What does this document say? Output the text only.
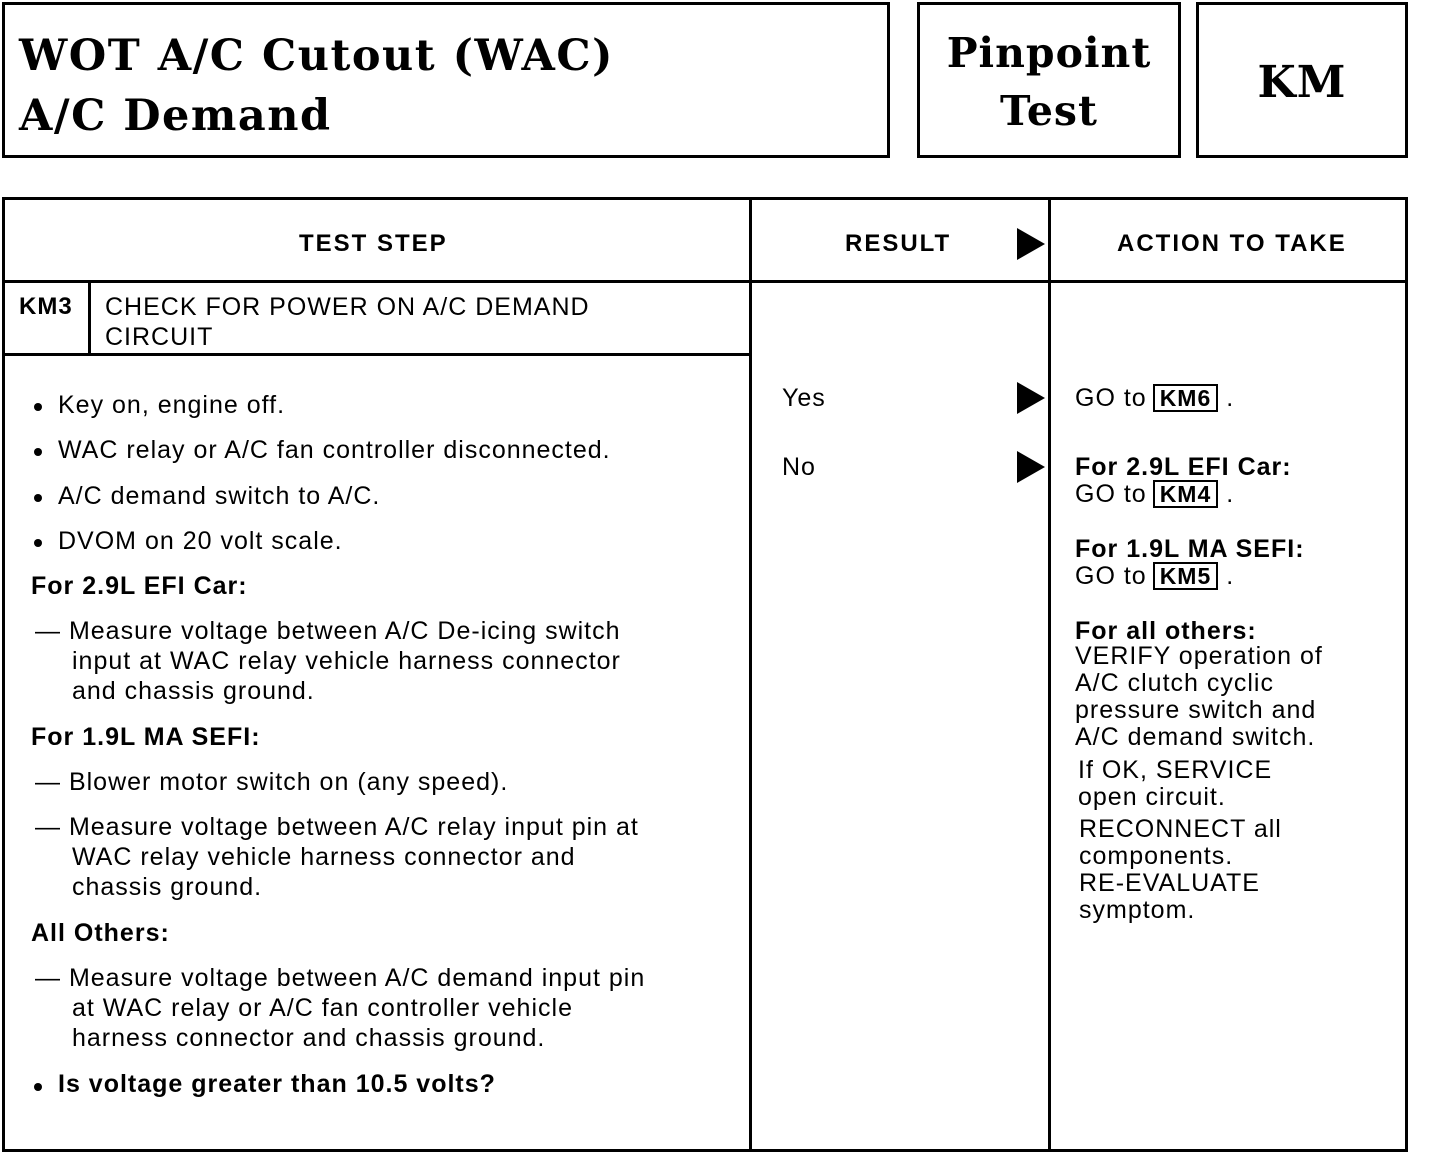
WOT A/C Cutout (WAC)
A/C Demand
Pinpoint
Test
KM
TEST STEP	RESULT	ACTION TO TAKE
KM3 CHECK FOR POWER ON A/C DEMAND
CIRCUIT
Key on, engine off.
WAC relay or A/C fan controller disconnected.
A/C demand switch to A/C.
DVOM on 20 volt scale.
For 2.9L EFI Car:
— Measure voltage between A/C De-icing switch
input at WAC relay vehicle harness connector
and chassis ground.
For 1.9L MA SEFI:
— Blower motor switch on (any speed).
— Measure voltage between A/C relay input pin at
WAC relay vehicle harness connector and
chassis ground.
All Others:
— Measure voltage between A/C demand input pin
at WAC relay or A/C fan controller vehicle
harness connector and chassis ground.
Is voltage greater than 10.5 volts?
Yes
No
GO to KM6 .
For 2.9L EFI Car:
GO to KM4 .
For 1.9L MA SEFI:
GO to KM5 .
For all others:
VERIFY operation of
A/C clutch cyclic
pressure switch and
A/C demand switch.
If OK, SERVICE
open circuit.
RECONNECT all
components.
RE-EVALUATE
symptom.
